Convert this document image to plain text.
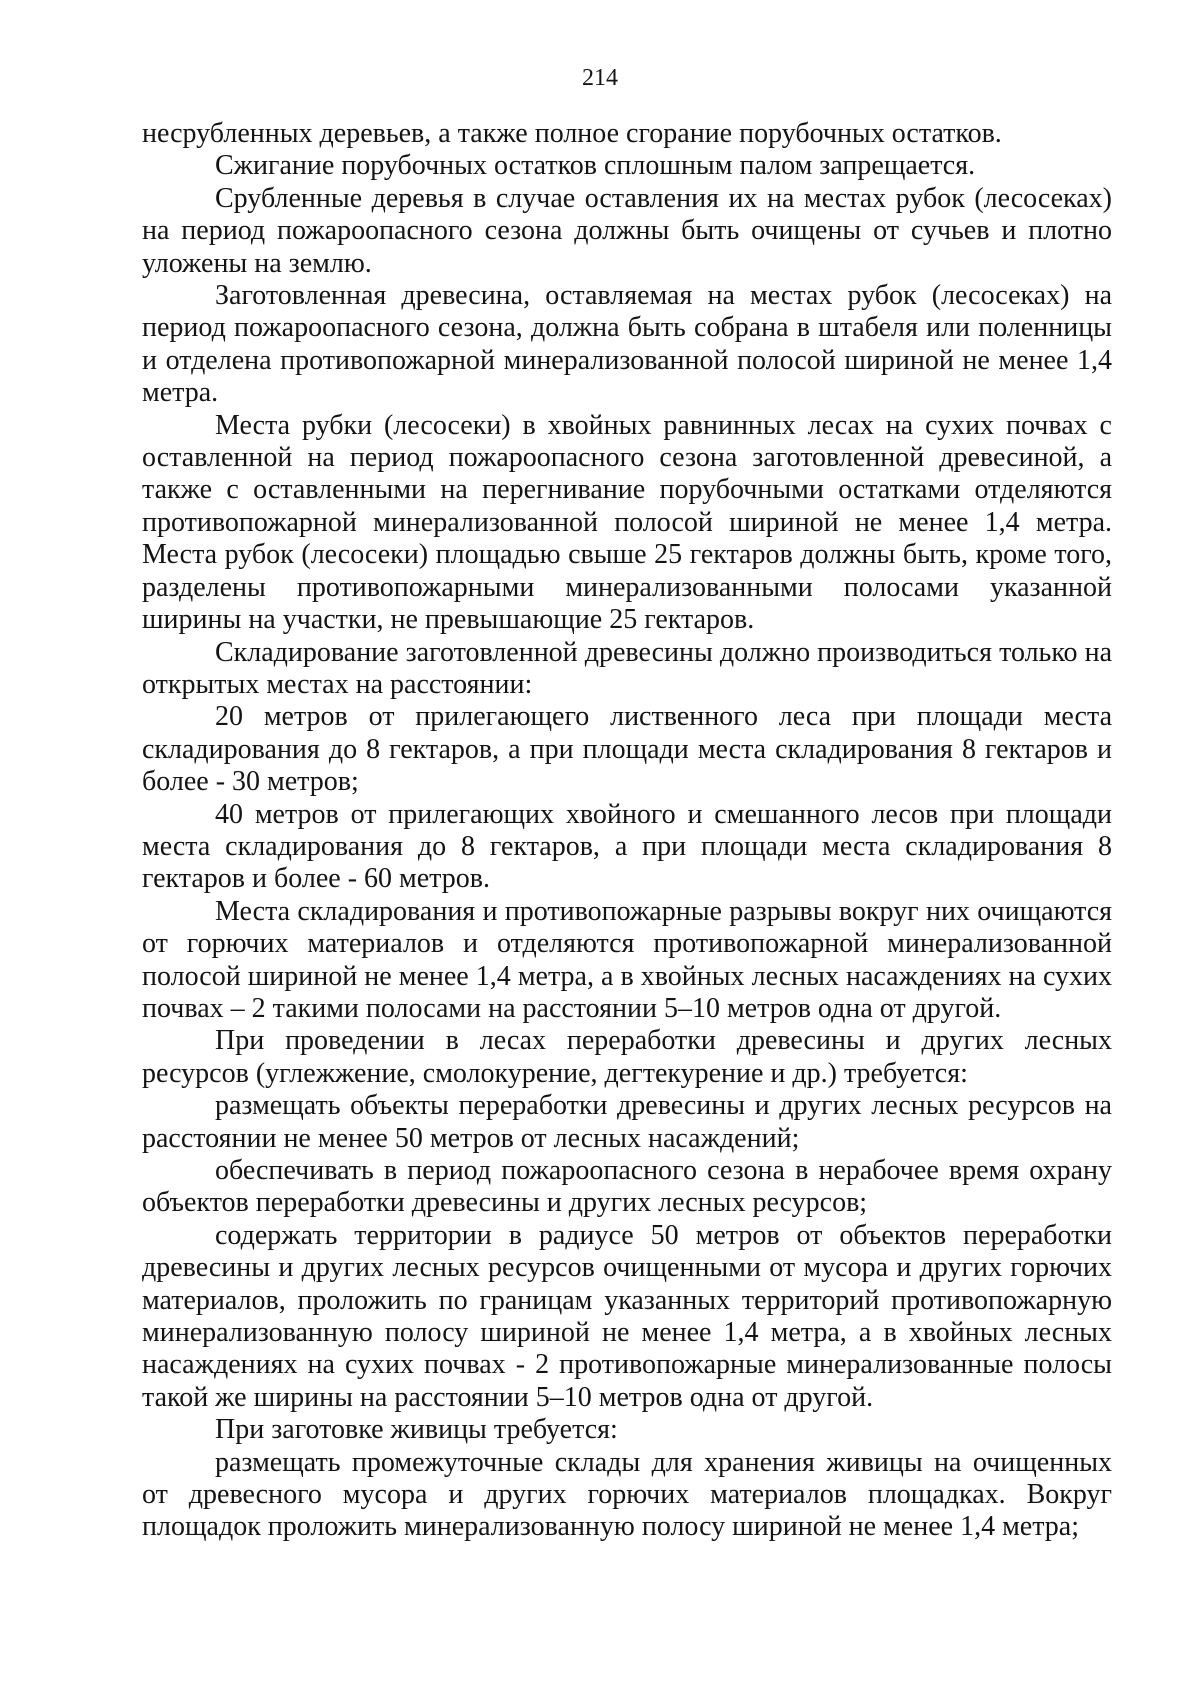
214

несрубленных деревьев, а также полное сгорание порубочных остатков.

Сжигание порубочных остатков сплошным палом запрещается.

Срубленные деревья в случае оставления их на местах рубок (лесосеках) на период пожароопасного сезона должны быть очищены от сучьев и плотно уложены на землю.

Заготовленная древесина, оставляемая на местах рубок (лесосеках) на период пожароопасного сезона, должна быть собрана в штабеля или поленницы и отделена противопожарной минерализованной полосой шириной не менее 1,4 метра.

Места рубки (лесосеки) в хвойных равнинных лесах на сухих почвах с оставленной на период пожароопасного сезона заготовленной древесиной, а также с оставленными на перегнивание порубочными остатками отделяются противопожарной минерализованной полосой шириной не менее 1,4 метра. Места рубок (лесосеки) площадью свыше 25 гектаров должны быть, кроме того, разделены противопожарными минерализованными полосами указанной ширины на участки, не превышающие 25 гектаров.

Складирование заготовленной древесины должно производиться только на открытых местах на расстоянии:

20 метров от прилегающего лиственного леса при площади места складирования до 8 гектаров, а при площади места складирования 8 гектаров и более - 30 метров;

40 метров от прилегающих хвойного и смешанного лесов при площади места складирования до 8 гектаров, а при площади места складирования 8 гектаров и более - 60 метров.

Места складирования и противопожарные разрывы вокруг них очищаются от горючих материалов и отделяются противопожарной минерализованной полосой шириной не менее 1,4 метра, а в хвойных лесных насаждениях на сухих почвах – 2 такими полосами на расстоянии 5–10 метров одна от другой.

При проведении в лесах переработки древесины и других лесных ресурсов (углежжение, смолокурение, дегтекурение и др.) требуется:

размещать объекты переработки древесины и других лесных ресурсов на расстоянии не менее 50 метров от лесных насаждений;

обеспечивать в период пожароопасного сезона в нерабочее время охрану объектов переработки древесины и других лесных ресурсов;

содержать территории в радиусе 50 метров от объектов переработки древесины и других лесных ресурсов очищенными от мусора и других горючих материалов, проложить по границам указанных территорий противопожарную минерализованную полосу шириной не менее 1,4 метра, а в хвойных лесных насаждениях на сухих почвах - 2 противопожарные минерализованные полосы такой же ширины на расстоянии 5–10 метров одна от другой.

При заготовке живицы требуется:

размещать промежуточные склады для хранения живицы на очищенных от древесного мусора и других горючих материалов площадках. Вокруг площадок проложить минерализованную полосу шириной не менее 1,4 метра;
